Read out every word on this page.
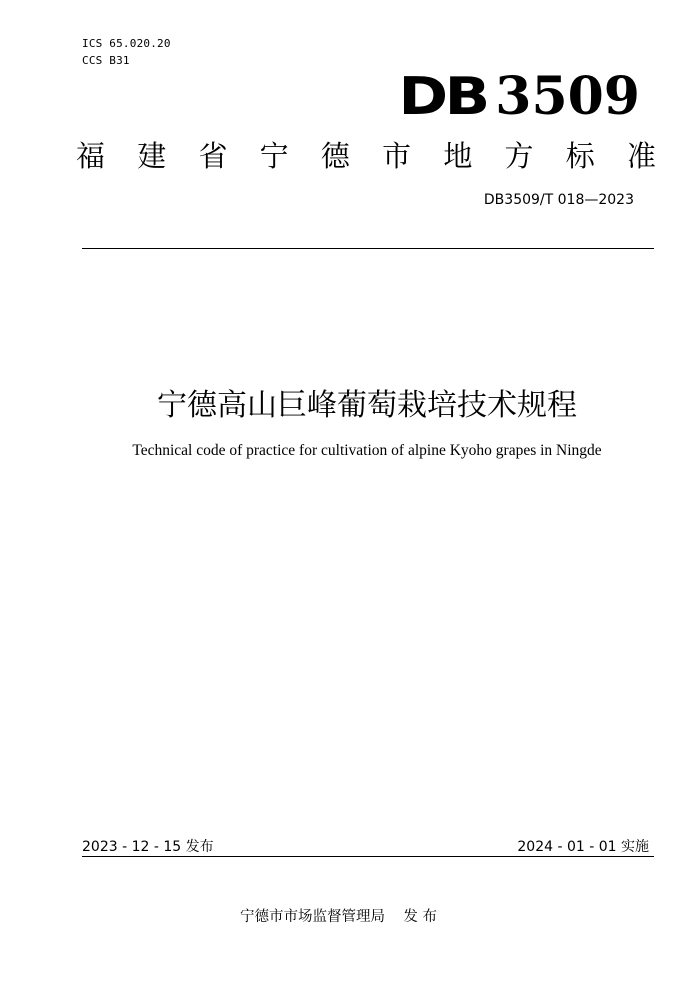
ICS 65.020.20
CCS B31
DB 3509
福 建 省 宁 德 市 地 方 标 准
DB3509/T 018—2023
宁德高山巨峰葡萄栽培技术规程
Technical code of practice for cultivation of alpine Kyoho grapes in Ningde
2023 - 12 - 15 发布	2024 - 01 - 01 实施
宁德市市场监督管理局    发 布
